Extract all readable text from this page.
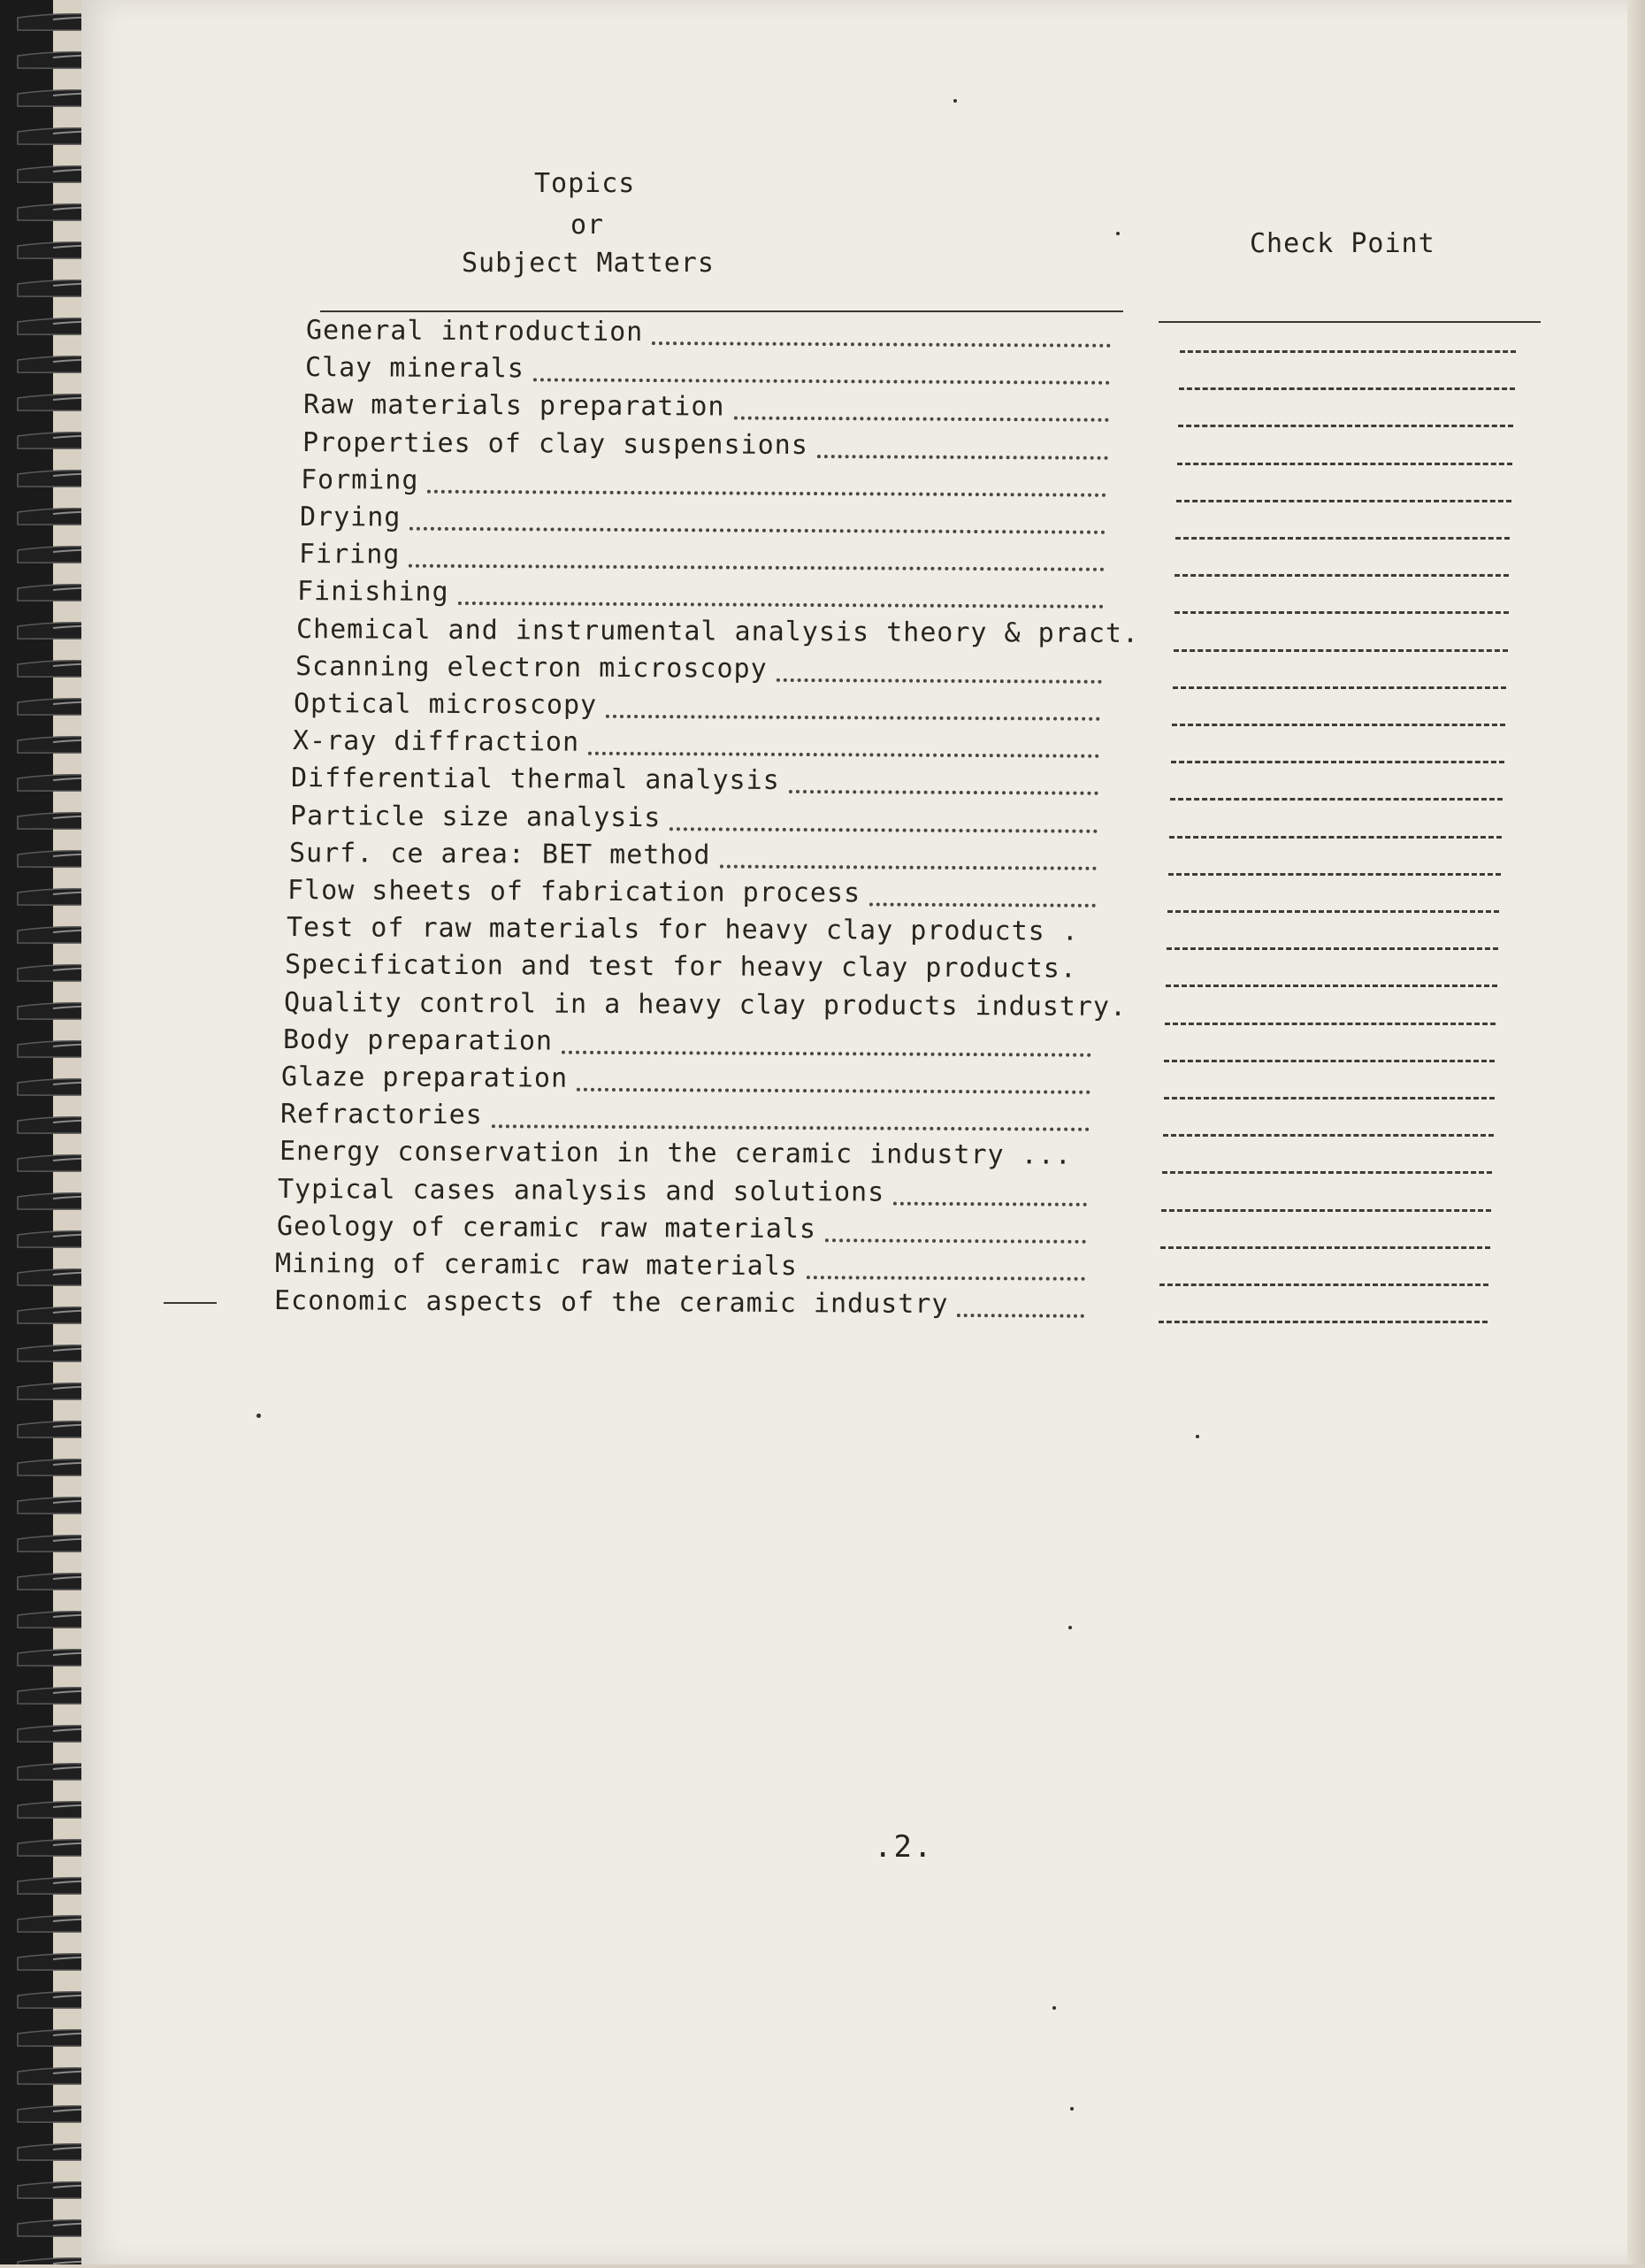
Topics
or
Subject Matters
Check Point
General introduction
Clay minerals
Raw materials preparation
Properties of clay suspensions
Forming
Drying
Firing
Finishing
Chemical and instrumental analysis theory & pract.
Scanning electron microscopy
Optical microscopy
X-ray diffraction
Differential thermal analysis
Particle size analysis
Surf. ce area: BET method
Flow sheets of fabrication process
Test of raw materials for heavy clay products .
Specification and test for heavy clay products.
Quality control in a heavy clay products industry.
Body preparation
Glaze preparation
Refractories
Energy conservation in the ceramic industry ...
Typical cases analysis and solutions
Geology of ceramic raw materials
Mining of ceramic raw materials
Economic aspects of the ceramic industry
.2.
